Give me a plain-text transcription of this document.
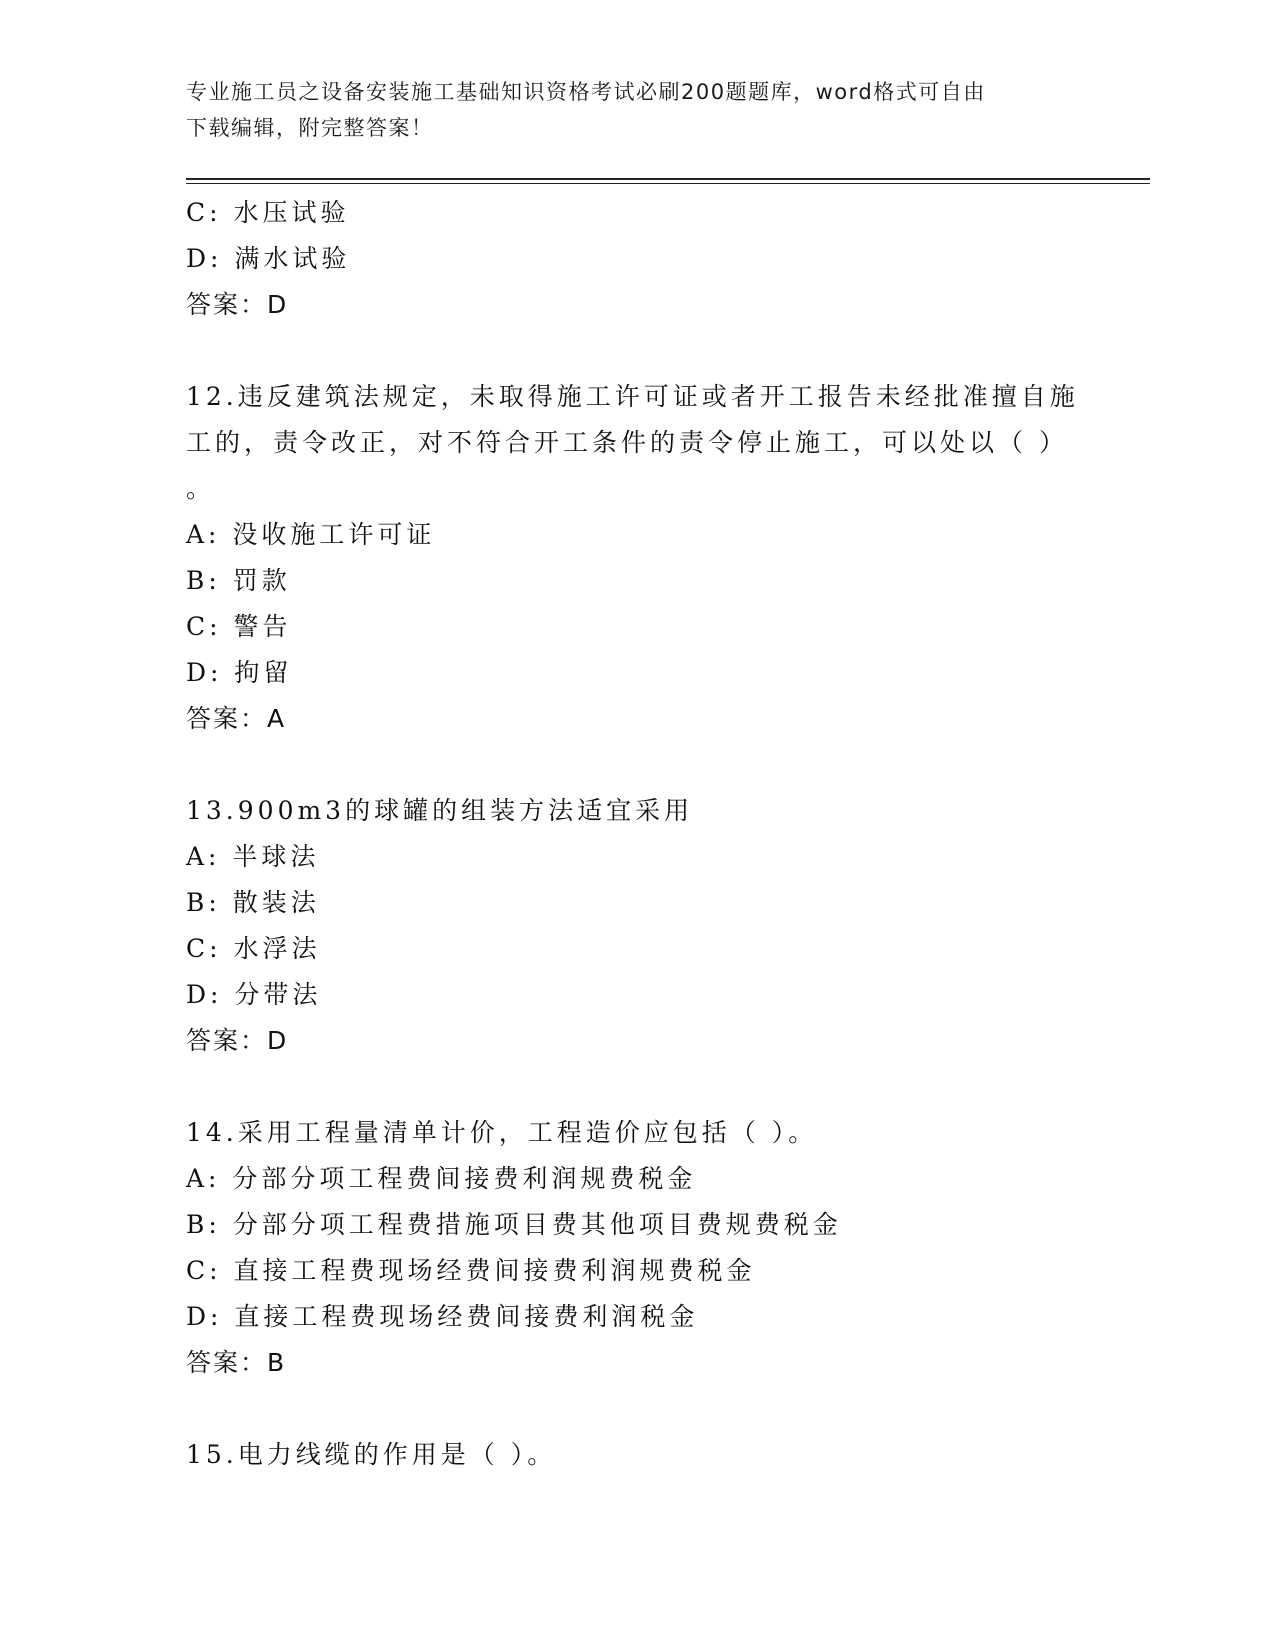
专业施工员之设备安装施工基础知识资格考试必刷200题题库，word格式可自由
下载编辑，附完整答案！
C: 水压试验
D: 满水试验
答案：D
12.违反建筑法规定，未取得施工许可证或者开工报告未经批准擅自施
工的，责令改正，对不符合开工条件的责令停止施工，可以处以（ ）
。
A: 没收施工许可证
B: 罚款
C: 警告
D: 拘留
答案：A
13.900m3的球罐的组装方法适宜采用
A: 半球法
B: 散装法
C: 水浮法
D: 分带法
答案：D
14.采用工程量清单计价，工程造价应包括（ ）。
A: 分部分项工程费间接费利润规费税金
B: 分部分项工程费措施项目费其他项目费规费税金
C: 直接工程费现场经费间接费利润规费税金
D: 直接工程费现场经费间接费利润税金
答案：B
15.电力线缆的作用是（ ）。
